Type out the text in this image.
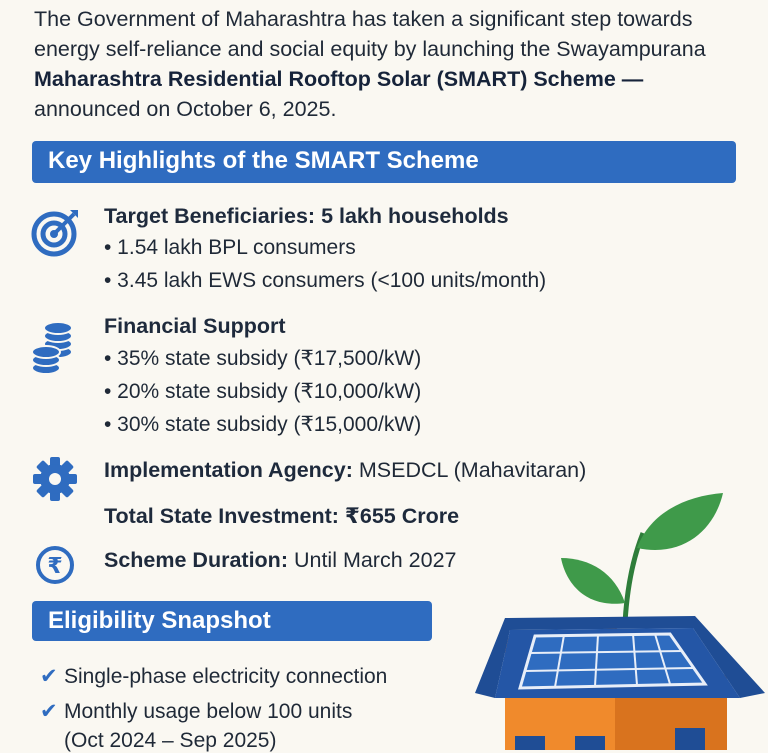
The Government of Maharashtra has taken a significant step towards
energy self-reliance and social equity by launching the Swayampurana
Maharashtra Residential Rooftop Solar (SMART) Scheme —
announced on October 6, 2025.
Key Highlights of the SMART Scheme
Target Beneficiaries: 5 lakh households
• 1.54 lakh BPL consumers
• 3.45 lakh EWS consumers (<100 units/month)
Financial Support
• 35% state subsidy (₹17,500/kW)
• 20% state subsidy (₹10,000/kW)
• 30% state subsidy (₹15,000/kW)
Implementation Agency: MSEDCL (Mahavitaran)
Total State Investment: ₹655 Crore
₹ Scheme Duration: Until March 2027
Eligibility Snapshot
✔ Single-phase electricity connection
✔ Monthly usage below 100 units
(Oct 2024 – Sep 2025)
